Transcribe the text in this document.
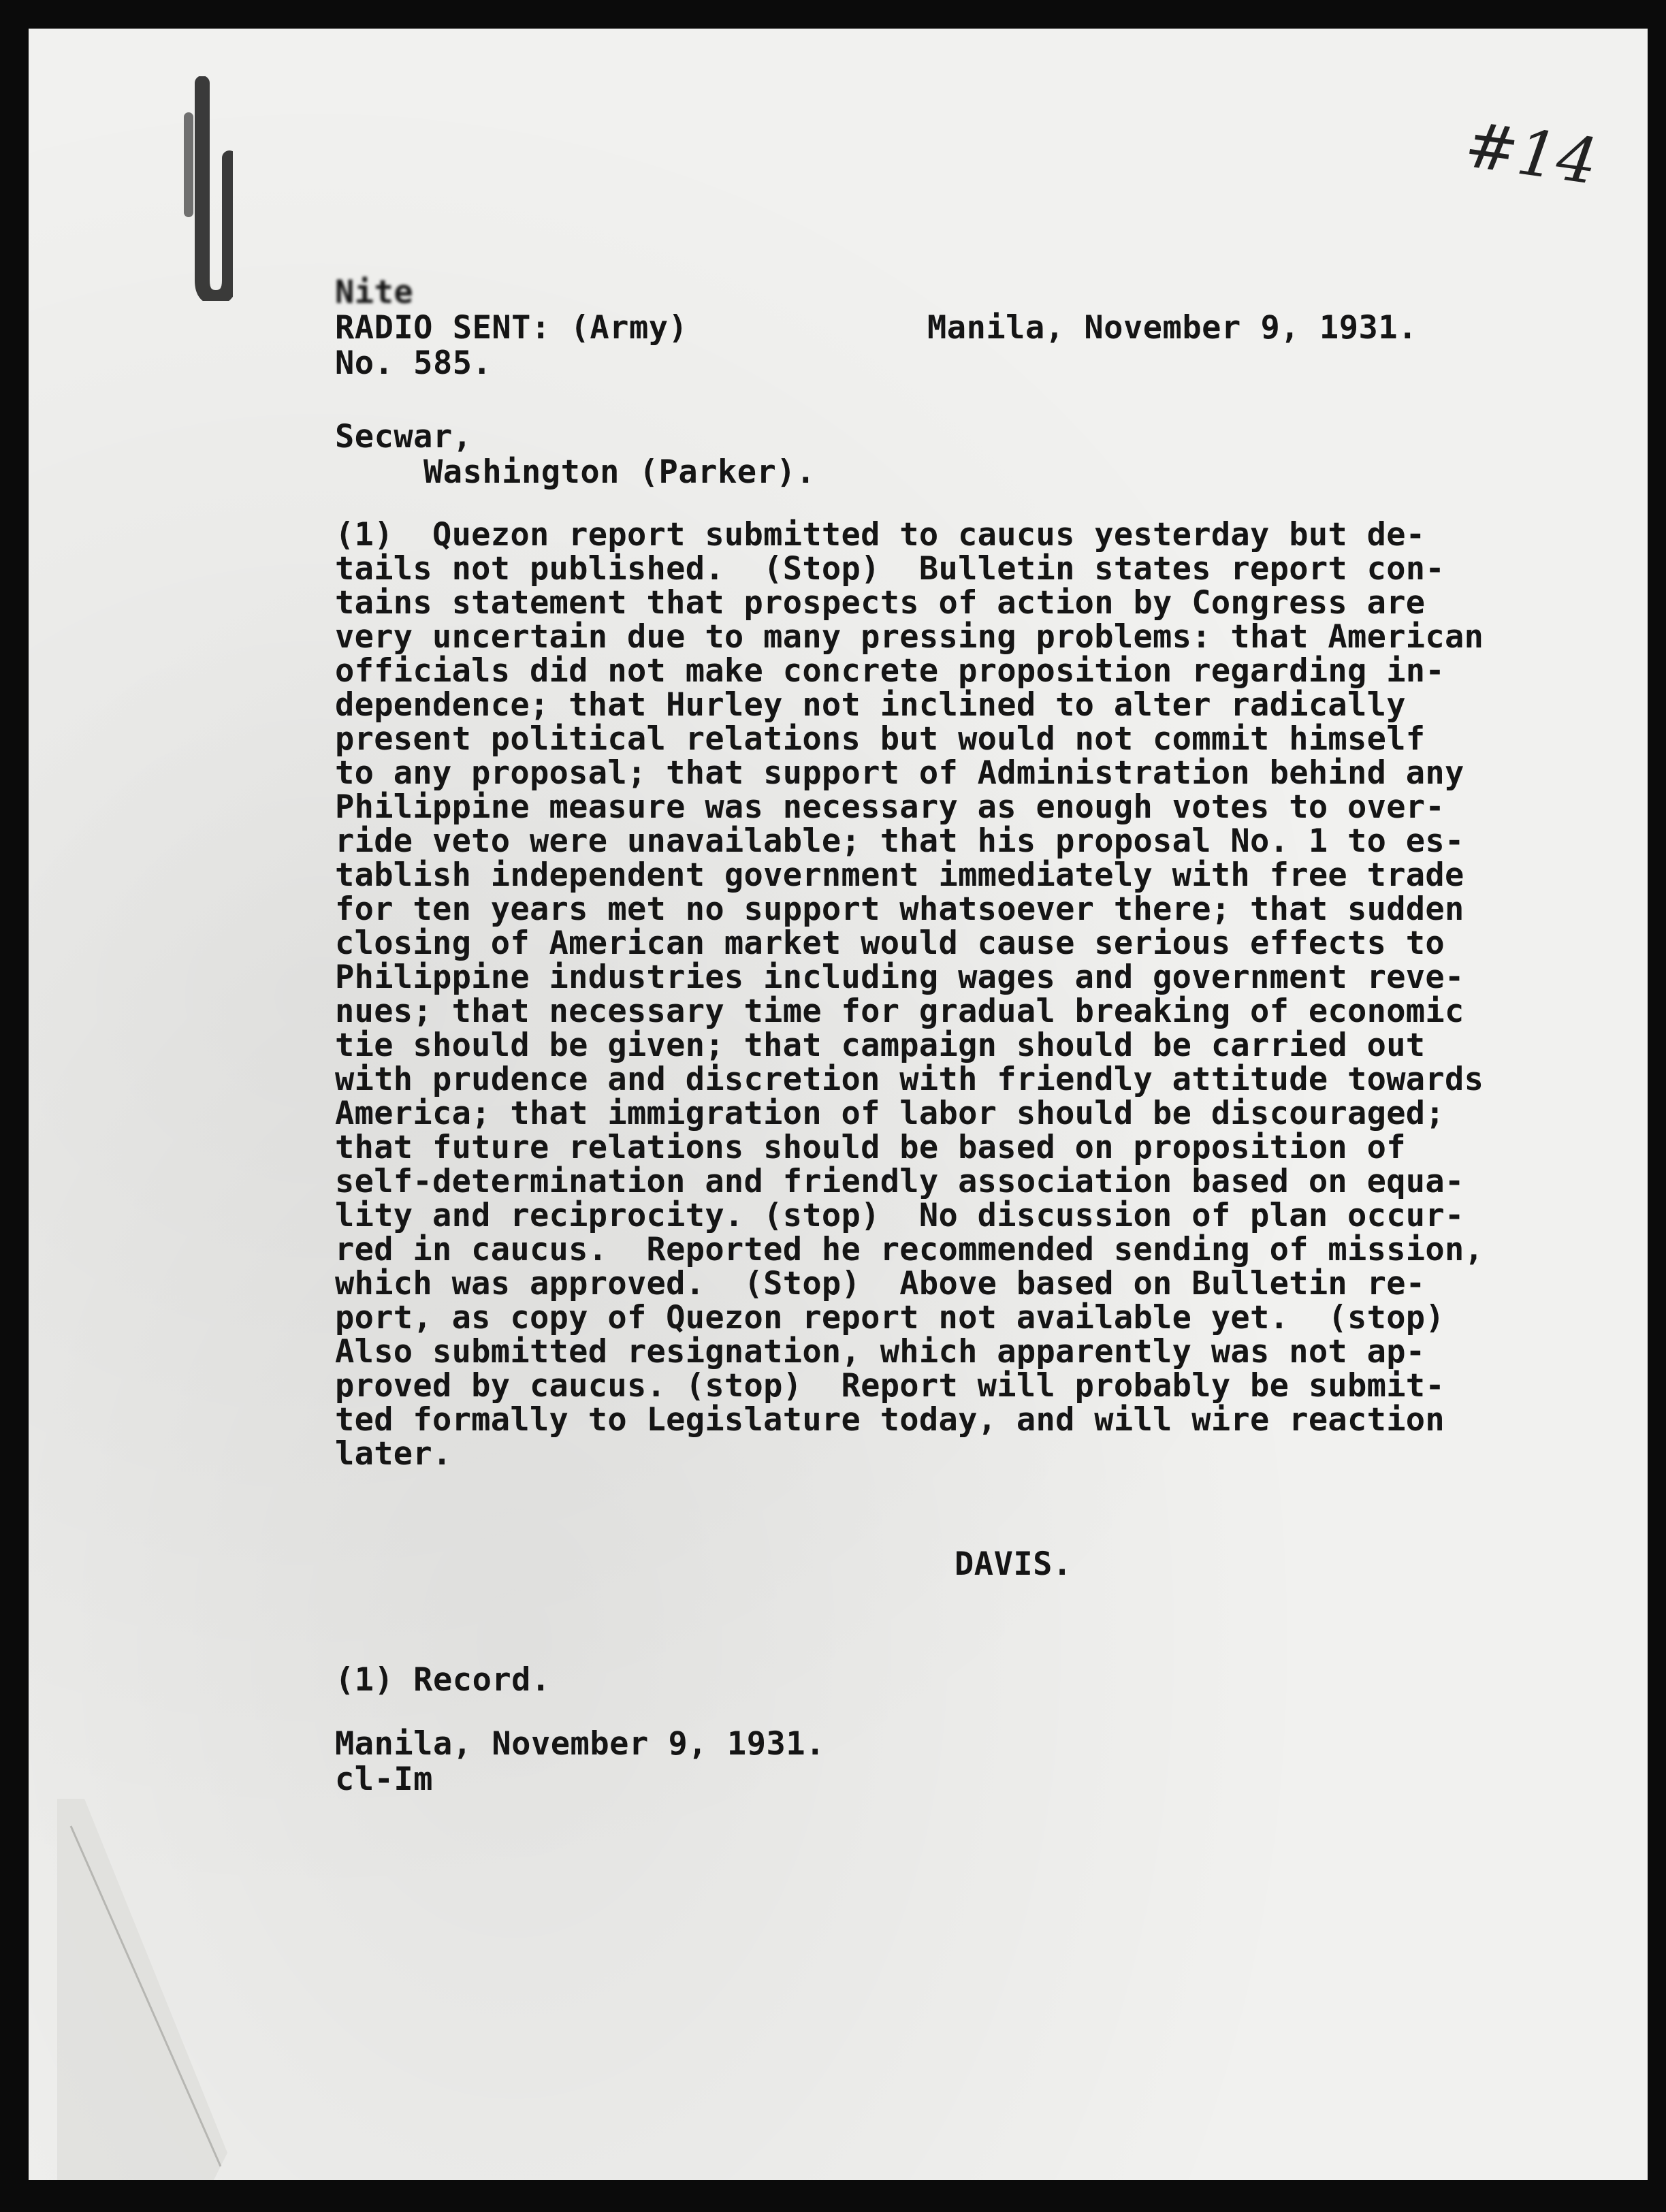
#14
Nite
RADIO SENT: (Army)	Manila, November 9, 1931.
No. 585.
Secwar,
Washington (Parker).
(1)  Quezon report submitted to caucus yesterday but de-
tails not published.  (Stop)  Bulletin states report con-
tains statement that prospects of action by Congress are
very uncertain due to many pressing problems: that American
officials did not make concrete proposition regarding in-
dependence; that Hurley not inclined to alter radically
present political relations but would not commit himself
to any proposal; that support of Administration behind any
Philippine measure was necessary as enough votes to over-
ride veto were unavailable; that his proposal No. 1 to es-
tablish independent government immediately with free trade
for ten years met no support whatsoever there; that sudden
closing of American market would cause serious effects to
Philippine industries including wages and government reve-
nues; that necessary time for gradual breaking of economic
tie should be given; that campaign should be carried out
with prudence and discretion with friendly attitude towards
America; that immigration of labor should be discouraged;
that future relations should be based on proposition of
self-determination and friendly association based on equa-
lity and reciprocity. (stop)  No discussion of plan occur-
red in caucus.  Reported he recommended sending of mission,
which was approved.  (Stop)  Above based on Bulletin re-
port, as copy of Quezon report not available yet.  (stop)
Also submitted resignation, which apparently was not ap-
proved by caucus. (stop)  Report will probably be submit-
ted formally to Legislature today, and will wire reaction
later.
DAVIS.
(1) Record.
Manila, November 9, 1931.
cl-Im
